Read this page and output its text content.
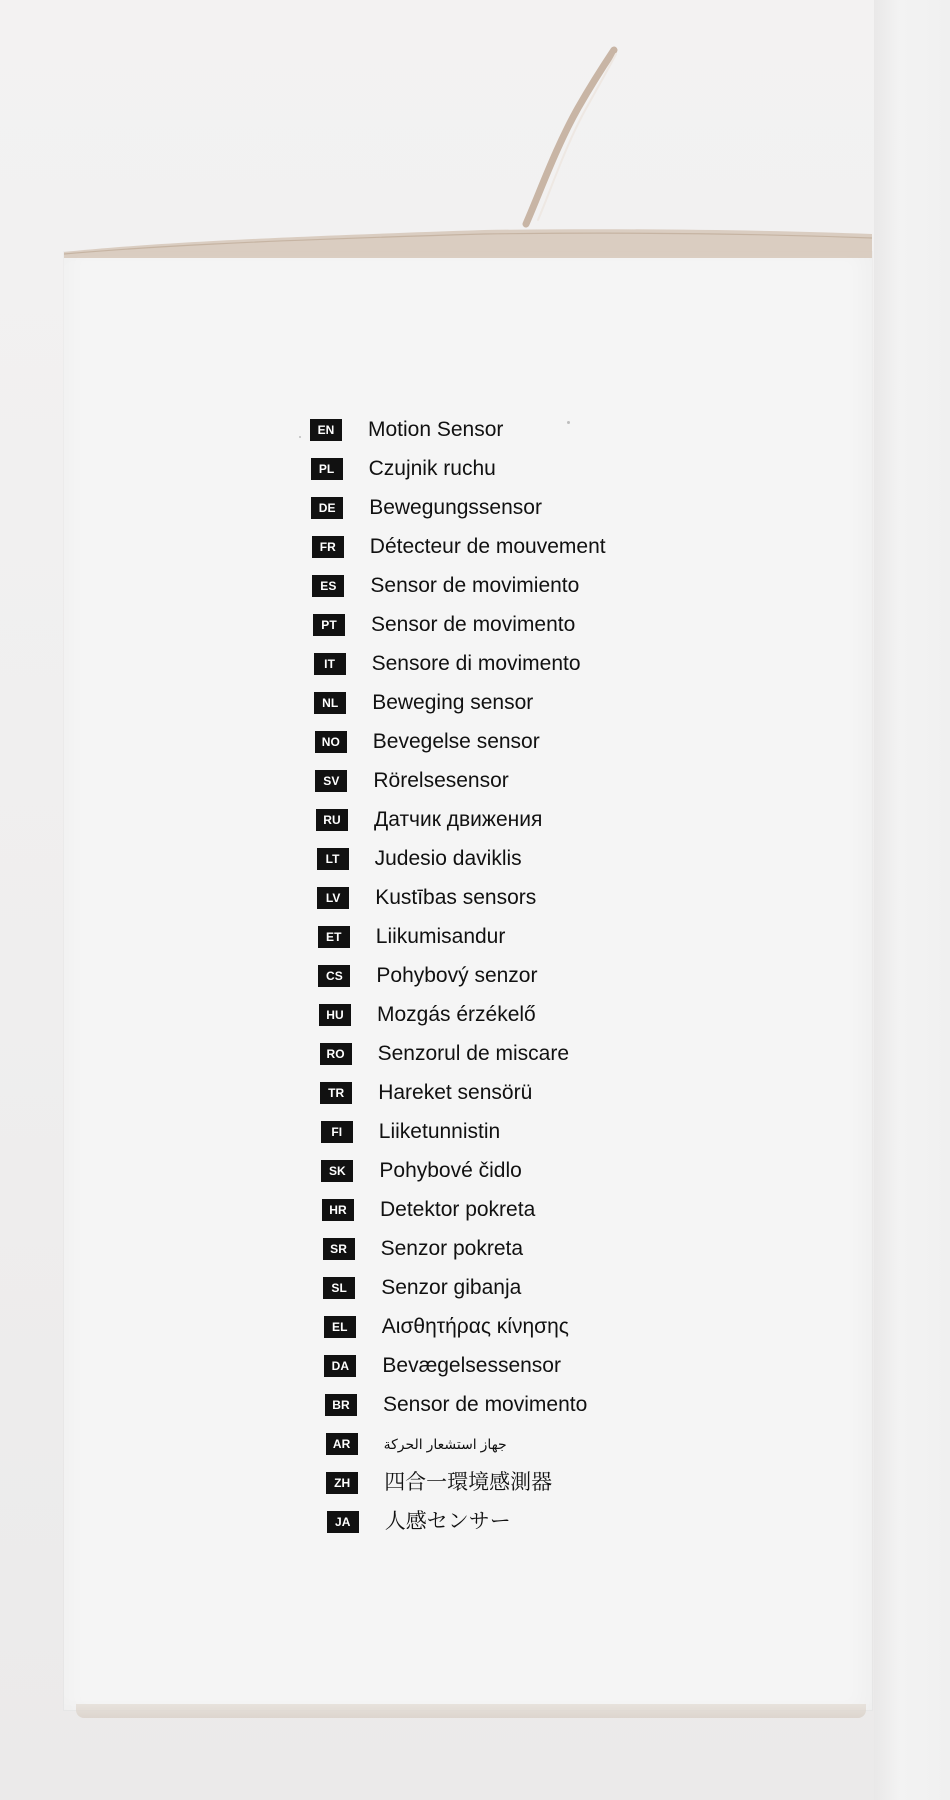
EN	Motion Sensor
PL	Czujnik ruchu
DE	Bewegungssensor
FR	Détecteur de mouvement
ES	Sensor de movimiento
PT	Sensor de movimento
IT	Sensore di movimento
NL	Beweging sensor
NO	Bevegelse sensor
SV	Rörelsesensor
RU	Датчик движения
LT	Judesio daviklis
LV	Kustības sensors
ET	Liikumisandur
CS	Pohybový senzor
HU	Mozgás érzékelő
RO	Senzorul de miscare
TR	Hareket sensörü
FI	Liiketunnistin
SK	Pohybové čidlo
HR	Detektor pokreta
SR	Senzor pokreta
SL	Senzor gibanja
EL	Αισθητήρας κίνησης
DA	Bevægelsessensor
BR	Sensor de movimento
AR	جهاز استشعار الحركة
ZH	四合一環境感測器
JA	人感センサー
